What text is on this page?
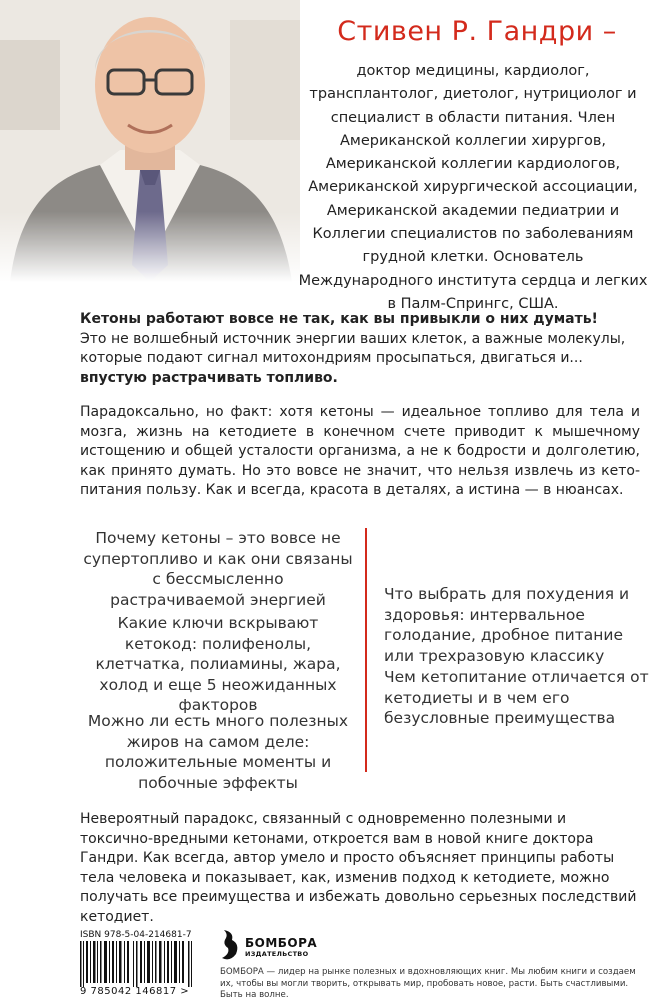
Стивен Р. Гандри –
доктор медицины, кардиолог, трансплантолог, диетолог, нутрициолог и специалист в области питания. Член Американской коллегии хирургов, Американской коллегии кардиологов, Американской хирургической ассоциации, Американской академии педиатрии и Коллегии специалистов по заболеваниям грудной клетки. Основатель Международного института сердца и легких в Палм-Спрингс, США.
Кетоны работают вовсе не так, как вы привыкли о них думать!
Это не волшебный источник энергии ваших клеток, а важные молекулы, которые подают сигнал митохондриям просыпаться, двигаться и...
впустую растрачивать топливо.
Парадоксально, но факт: хотя кетоны — идеальное топливо для тела и мозга, жизнь на кетодиете в конечном счете приводит к мышечному истощению и общей усталости организма, а не к бодрости и долголетию, как принято думать. Но это вовсе не значит, что нельзя извлечь из кето-питания пользу. Как и всегда, красота в деталях, а истина — в нюансах.
Почему кетоны – это вовсе не супертопливо и как они связаны с бессмысленно растрачиваемой энергией
Какие ключи вскрывают кетокод: полифенолы, клетчатка, полиамины, жара, холод и еще 5 неожиданных факторов
Можно ли есть много полезных жиров на самом деле: положительные моменты и побочные эффекты
Что выбрать для похудения и здоровья: интервальное голодание, дробное питание или трехразовую классику
Чем кетопитание отличается от кетодиеты и в чем его безусловные преимущества
Невероятный парадокс, связанный с одновременно полезными и токсично-вредными кетонами, откроется вам в новой книге доктора Гандри. Как всегда, автор умело и просто объясняет принципы работы тела человека и показывает, как, изменив подход к кетодиете, можно получать все преимущества и избежать довольно серьезных последствий кетодиет.
ISBN 978-5-04-214681-7
9 785042 146817 >
БОМБОРА
ИЗДАТЕЛЬСТВО
БОМБОРА — лидер на рынке полезных и вдохновляющих книг. Мы любим книги и создаем их, чтобы вы могли творить, открывать мир, пробовать новое, расти. Быть счастливыми. Быть на волне.
